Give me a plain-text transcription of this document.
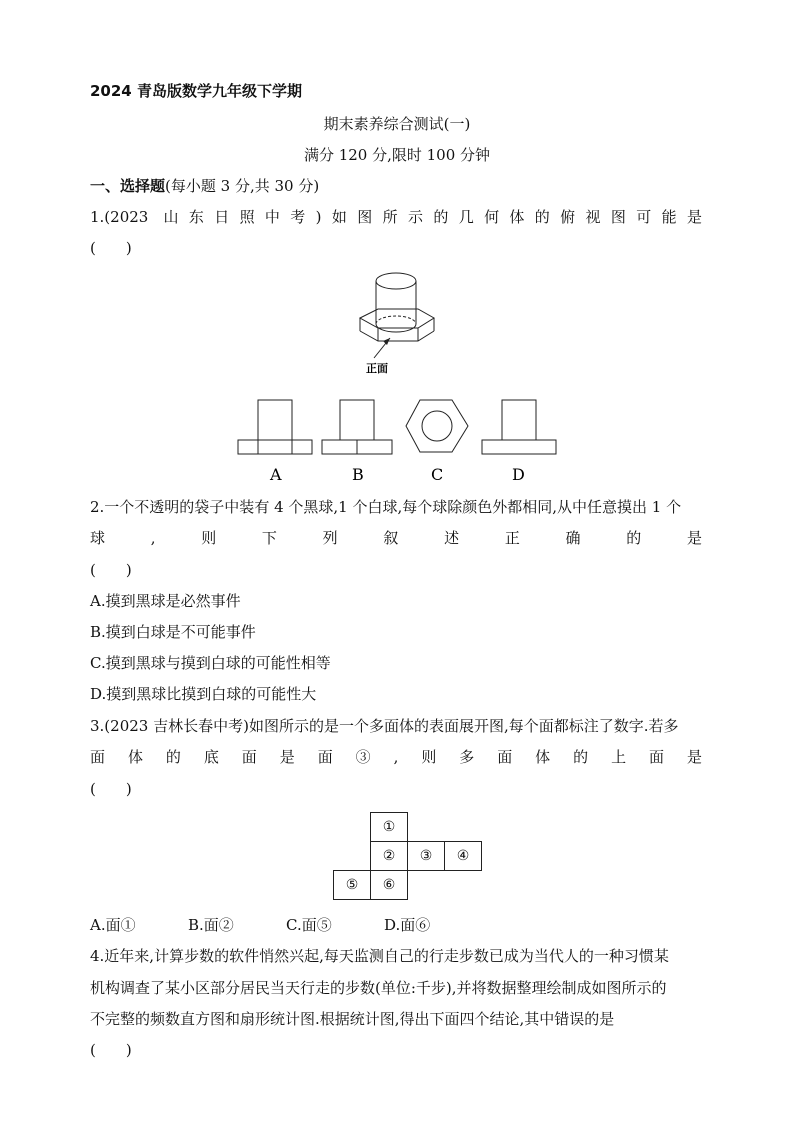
2024 青岛版数学九年级下学期
期末素养综合测试(一)
满分 120 分,限时 100 分钟
一、选择题(每小题 3 分,共 30 分)
1.(2023 山东日照中考)如图所示的几何体的俯视图可能是
(　　)
正面
A	B	C	D
2.一个不透明的袋子中装有 4 个黑球,1 个白球,每个球除颜色外都相同,从中任意摸出 1 个
球,则下列叙述正确的是
(　　)
A.摸到黑球是必然事件
B.摸到白球是不可能事件
C.摸到黑球与摸到白球的可能性相等
D.摸到黑球比摸到白球的可能性大
3.(2023 吉林长春中考)如图所示的是一个多面体的表面展开图,每个面都标注了数字.若多
面体的底面是面③,则多面体的上面是
(　　)
	①		
	②	③	④
⑤	⑥		
A.面①	B.面②	C.面⑤	D.面⑥
4.近年来,计算步数的软件悄然兴起,每天监测自己的行走步数已成为当代人的一种习惯某
机构调查了某小区部分居民当天行走的步数(单位:千步),并将数据整理绘制成如图所示的
不完整的频数直方图和扇形统计图.根据统计图,得出下面四个结论,其中错误的是
(　　)
